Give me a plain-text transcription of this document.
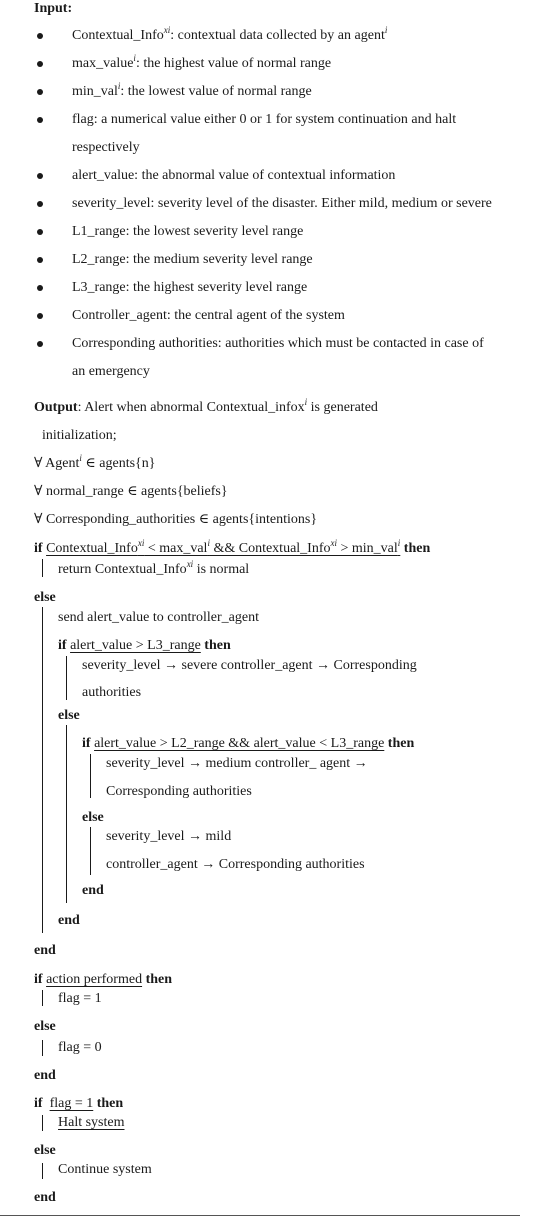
Input:
Contextual_Info$^{xi}$: contextual data collected by an agent$^i$
max_value$^i$: the highest value of normal range
min_val$^i$: the lowest value of normal range
flag: a numerical value either 0 or 1 for system continuation and halt
respectively
alert_value: the abnormal value of contextual information
severity_level: severity level of the disaster. Either mild, medium or severe
L1_range: the lowest severity level range
L2_range: the medium severity level range
L3_range: the highest severity level range
Controller_agent: the central agent of the system
Corresponding authorities: authorities which must be contacted in case of
an emergency
Output: Alert when abnormal Contextual_infox$^i$ is generated
initialization;
∀ Agent$^i$ ∈ agents{n}
∀ normal_range ∈ agents{beliefs}
∀ Corresponding_authorities ∈ agents{intentions}
if Contextual_Info$^{xi}$ < max_val$^i$ && Contextual_Info$^{xi}$ > min_val$^i$ then
return Contextual_Info$^{xi}$ is normal
else
send alert_value to controller_agent
if alert_value > L3_range then
severity_level → severe controller_agent → Corresponding
authorities
else
if alert_value > L2_range && alert_value < L3_range then
severity_level → medium controller_ agent →
Corresponding authorities
else
severity_level → mild
controller_agent → Corresponding authorities
end
end
end
if action performed then
flag = 1
else
flag = 0
end
if flag = 1 then
Halt system
else
Continue system
end
